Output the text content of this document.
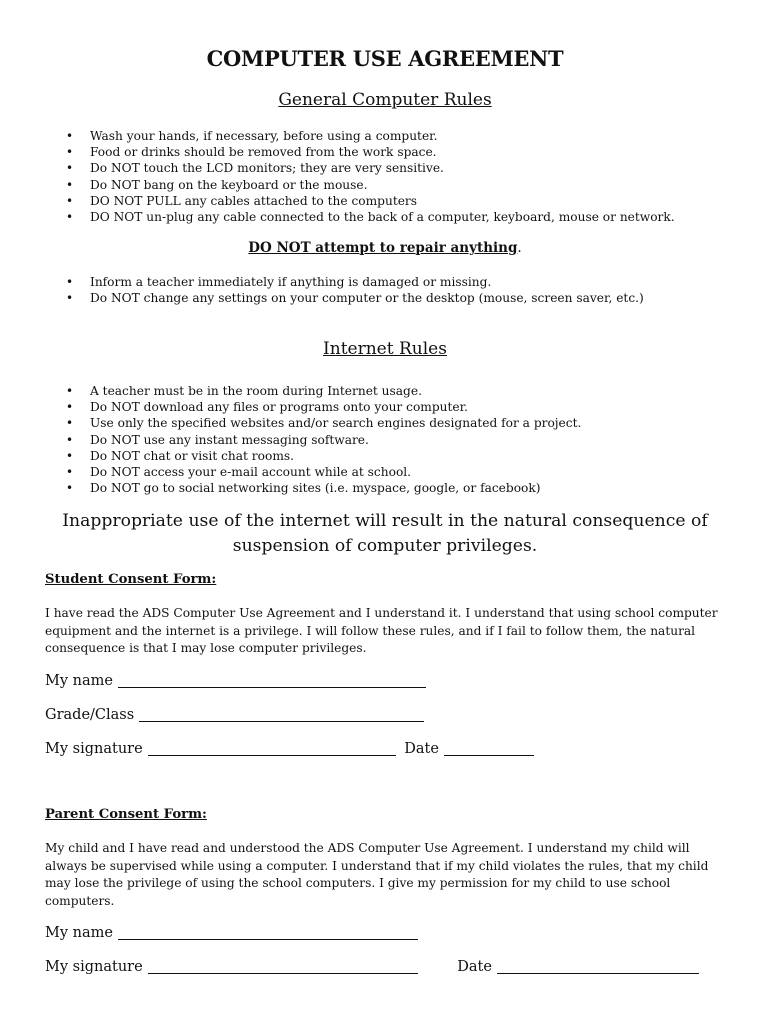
COMPUTER USE AGREEMENT
General Computer Rules
• Wash your hands, if necessary, before using a computer.
• Food or drinks should be removed from the work space.
• Do NOT touch the LCD monitors; they are very sensitive.
• Do NOT bang on the keyboard or the mouse.
• DO NOT PULL any cables attached to the computers
• DO NOT un-plug any cable connected to the back of a computer, keyboard, mouse or network.
DO NOT attempt to repair anything.
• Inform a teacher immediately if anything is damaged or missing.
• Do NOT change any settings on your computer or the desktop (mouse, screen saver, etc.)
Internet Rules
• A teacher must be in the room during Internet usage.
• Do NOT download any files or programs onto your computer.
• Use only the specified websites and/or search engines designated for a project.
• Do NOT use any instant messaging software.
• Do NOT chat or visit chat rooms.
• Do NOT access your e-mail account while at school.
• Do NOT go to social networking sites (i.e. myspace, google, or facebook)
Inappropriate use of the internet will result in the natural consequence of suspension of computer privileges.
Student Consent Form:

I have read the ADS Computer Use Agreement and I understand it. I understand that using school computer equipment and the internet is a privilege. I will follow these rules, and if I fail to follow them, the natural consequence is that I may lose computer privileges.

My name
Grade/Class
My signature	Date
Parent Consent Form:

My child and I have read and understood the ADS Computer Use Agreement. I understand my child will always be supervised while using a computer. I understand that if my child violates the rules, that my child may lose the privilege of using the school computers. I give my permission for my child to use school computers.

My name
My signature	Date
